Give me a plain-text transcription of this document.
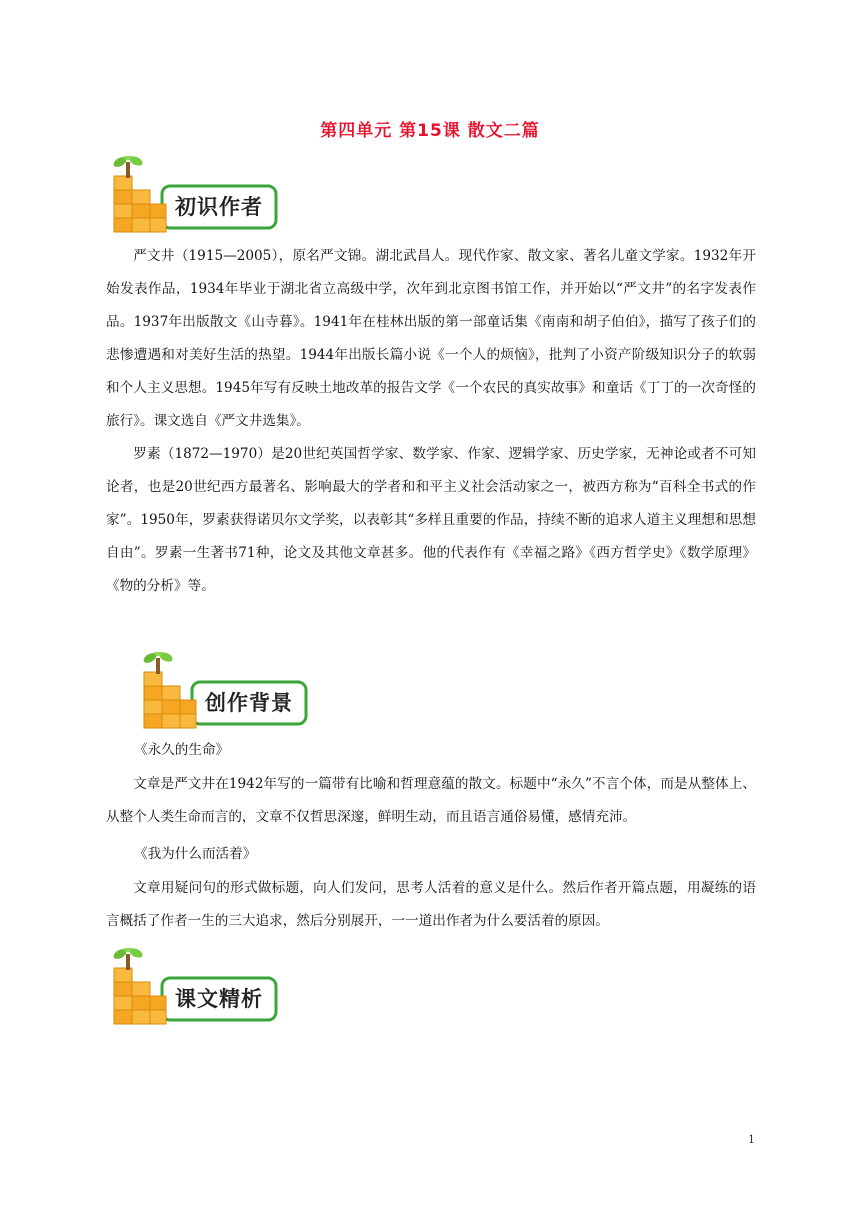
第四单元 第15课 散文二篇
初识作者

严文井（1915—2005），原名严文锦。湖北武昌人。现代作家、散文家、著名儿童文学家。1932年开始发表作品，1934年毕业于湖北省立高级中学，次年到北京图书馆工作，并开始以“严文井”的名字发表作品。1937年出版散文《山寺暮》。1941年在桂林出版的第一部童话集《南南和胡子伯伯》，描写了孩子们的悲惨遭遇和对美好生活的热望。1944年出版长篇小说《一个人的烦恼》，批判了小资产阶级知识分子的软弱和个人主义思想。1945年写有反映土地改革的报告文学《一个农民的真实故事》和童话《丁丁的一次奇怪的旅行》。课文选自《严文井选集》。

罗素（1872—1970）是20世纪英国哲学家、数学家、作家、逻辑学家、历史学家，无神论或者不可知论者，也是20世纪西方最著名、影响最大的学者和和平主义社会活动家之一，被西方称为“百科全书式的作家”。1950年，罗素获得诺贝尔文学奖，以表彰其“多样且重要的作品，持续不断的追求人道主义理想和思想自由”。罗素一生著书71种，论文及其他文章甚多。他的代表作有《幸福之路》《西方哲学史》《数学原理》《物的分析》等。

创作背景
《永久的生命》

文章是严文井在1942年写的一篇带有比喻和哲理意蕴的散文。标题中“永久”不言个体，而是从整体上、从整个人类生命而言的，文章不仅哲思深邃，鲜明生动，而且语言通俗易懂，感情充沛。

《我为什么而活着》

文章用疑问句的形式做标题，向人们发问，思考人活着的意义是什么。然后作者开篇点题，用凝练的语言概括了作者一生的三大追求，然后分别展开，一一道出作者为什么要活着的原因。

课文精析
1
